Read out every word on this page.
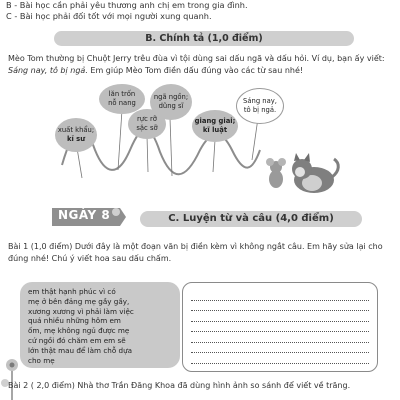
B - Bài học cần phải yêu thương anh chị em trong gia đình.
C - Bài học phải đối tốt với mọi người xung quanh.
B. Chính tả (1,0 điểm)
Mèo Tom thường bị Chuột Jerry trêu đùa vì tội dùng sai dấu ngã và dấu hỏi. Ví dụ, bạn ấy viết: Sáng nay, tô bị ngả. Em giúp Mèo Tom điền dấu đúng vào các từ sau nhé!
xuất khẩu;
kỉ sư
lăn trốn
nỗ nang
rực rỡ
sặc sỡ
ngã ngồn;
dũng sĩ
giang giai;
kĩ luật
Sáng nay,
tô bị ngả.
NGÀY 8	C. Luyện từ và câu (4,0 điểm)
Bài 1 (1,0 điểm) Dưới đây là một đoạn văn bị điền kèm vì không ngắt câu. Em hãy sửa lại cho đúng nhé! Chú ý viết hoa sau dấu chấm.
em thật hạnh phúc vì có
mẹ ở bên đảng mẹ gầy gầy,
xương xương vì phải làm việc
quá nhiều những hôm em
ốm, mẹ không ngủ được mẹ
cứ ngồi đó chăm em em sẽ
lớn thật mau để làm chỗ dựa
cho mẹ
Bài 2 ( 2,0 điểm) Nhà thơ Trần Đăng Khoa đã dùng hình ảnh so sánh để viết về trăng.
